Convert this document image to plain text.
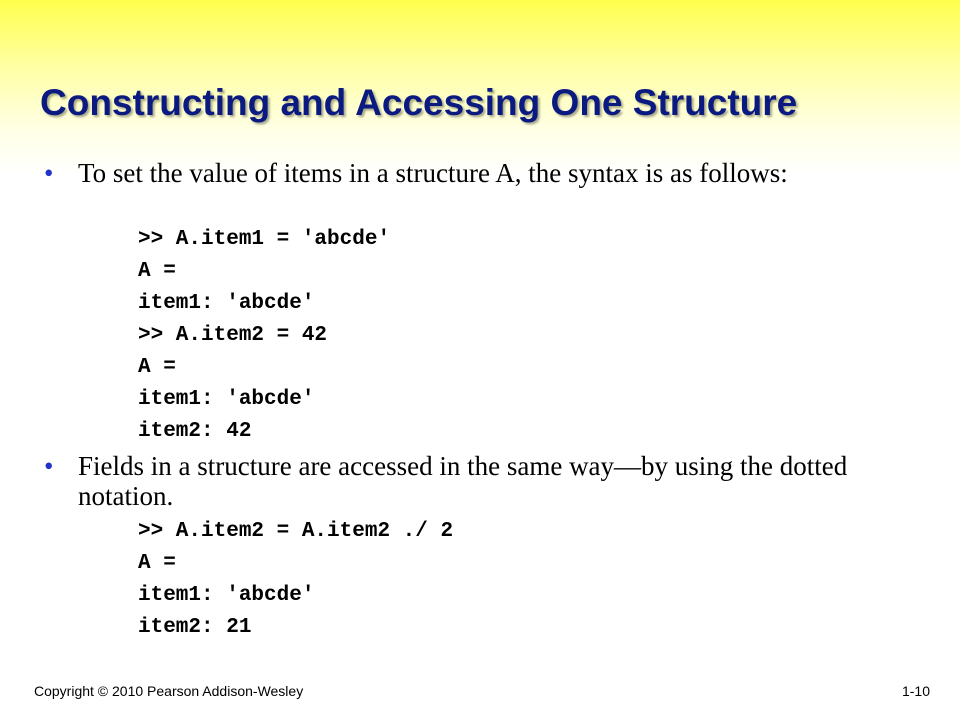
Constructing and Accessing One Structure
• To set the value of items in a structure A, the syntax is as follows:
>> A.item1 = 'abcde'
A =
item1: 'abcde'
>> A.item2 = 42
A =
item1: 'abcde'
item2: 42
• Fields in a structure are accessed in the same way—by using the dotted notation.
>> A.item2 = A.item2 ./ 2
A =
item1: 'abcde'
item2: 21
Copyright © 2010 Pearson Addison-Wesley	1-10
